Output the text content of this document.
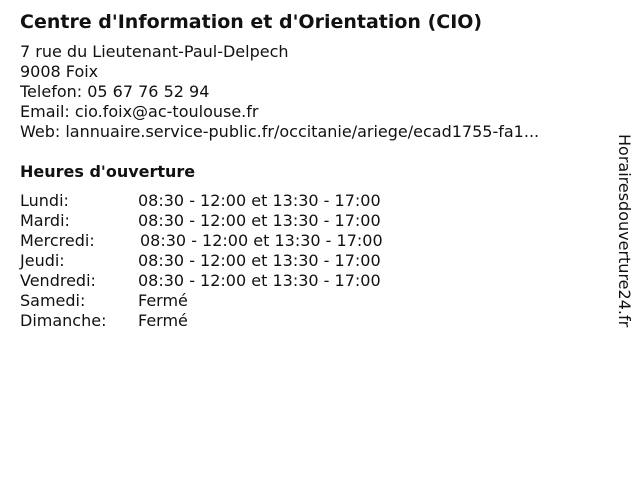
Centre d'Information et d'Orientation (CIO)
7 rue du Lieutenant-Paul-Delpech
9008 Foix
Telefon: 05 67 76 52 94
Email: cio.foix@ac-toulouse.fr
Web: lannuaire.service-public.fr/occitanie/ariege/ecad1755-fa1...
Heures d'ouverture
Lundi:	08:30 - 12:00 et 13:30 - 17:00
Mardi:	08:30 - 12:00 et 13:30 - 17:00
Mercredi:	08:30 - 12:00 et 13:30 - 17:00
Jeudi:	08:30 - 12:00 et 13:30 - 17:00
Vendredi:	08:30 - 12:00 et 13:30 - 17:00
Samedi:	Fermé
Dimanche:	Fermé	Horairesdouverture24.fr
